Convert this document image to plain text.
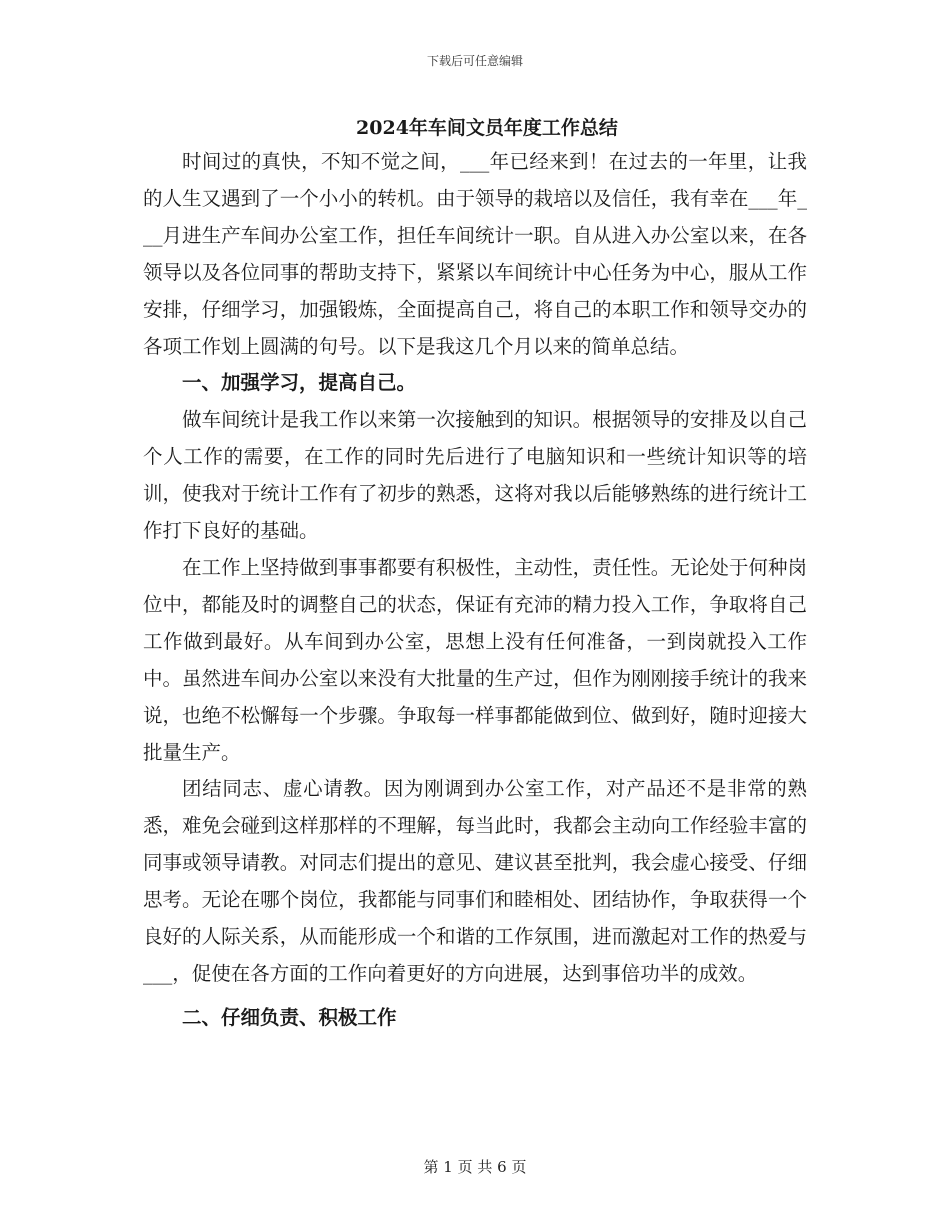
下载后可任意编辑
2024年车间文员年度工作总结

时间过的真快，不知不觉之间，___年已经来到！在过去的一年里，让我的人生又遇到了一个小小的转机。由于领导的栽培以及信任，我有幸在___年___月进生产车间办公室工作，担任车间统计一职。自从进入办公室以来，在各领导以及各位同事的帮助支持下，紧紧以车间统计中心任务为中心，服从工作安排，仔细学习，加强锻炼，全面提高自己，将自己的本职工作和领导交办的各项工作划上圆满的句号。以下是我这几个月以来的简单总结。

一、加强学习，提高自己。

做车间统计是我工作以来第一次接触到的知识。根据领导的安排及以自己个人工作的需要，在工作的同时先后进行了电脑知识和一些统计知识等的培训，使我对于统计工作有了初步的熟悉，这将对我以后能够熟练的进行统计工作打下良好的基础。

在工作上坚持做到事事都要有积极性，主动性，责任性。无论处于何种岗位中，都能及时的调整自己的状态，保证有充沛的精力投入工作，争取将自己工作做到最好。从车间到办公室，思想上没有任何准备，一到岗就投入工作中。虽然进车间办公室以来没有大批量的生产过，但作为刚刚接手统计的我来说，也绝不松懈每一个步骤。争取每一样事都能做到位、做到好，随时迎接大批量生产。

团结同志、虚心请教。因为刚调到办公室工作，对产品还不是非常的熟悉，难免会碰到这样那样的不理解，每当此时，我都会主动向工作经验丰富的同事或领导请教。对同志们提出的意见、建议甚至批判，我会虚心接受、仔细思考。无论在哪个岗位，我都能与同事们和睦相处、团结协作，争取获得一个良好的人际关系，从而能形成一个和谐的工作氛围，进而激起对工作的热爱与___，促使在各方面的工作向着更好的方向进展，达到事倍功半的成效。

二、仔细负责、积极工作

第 1 页 共 6 页
